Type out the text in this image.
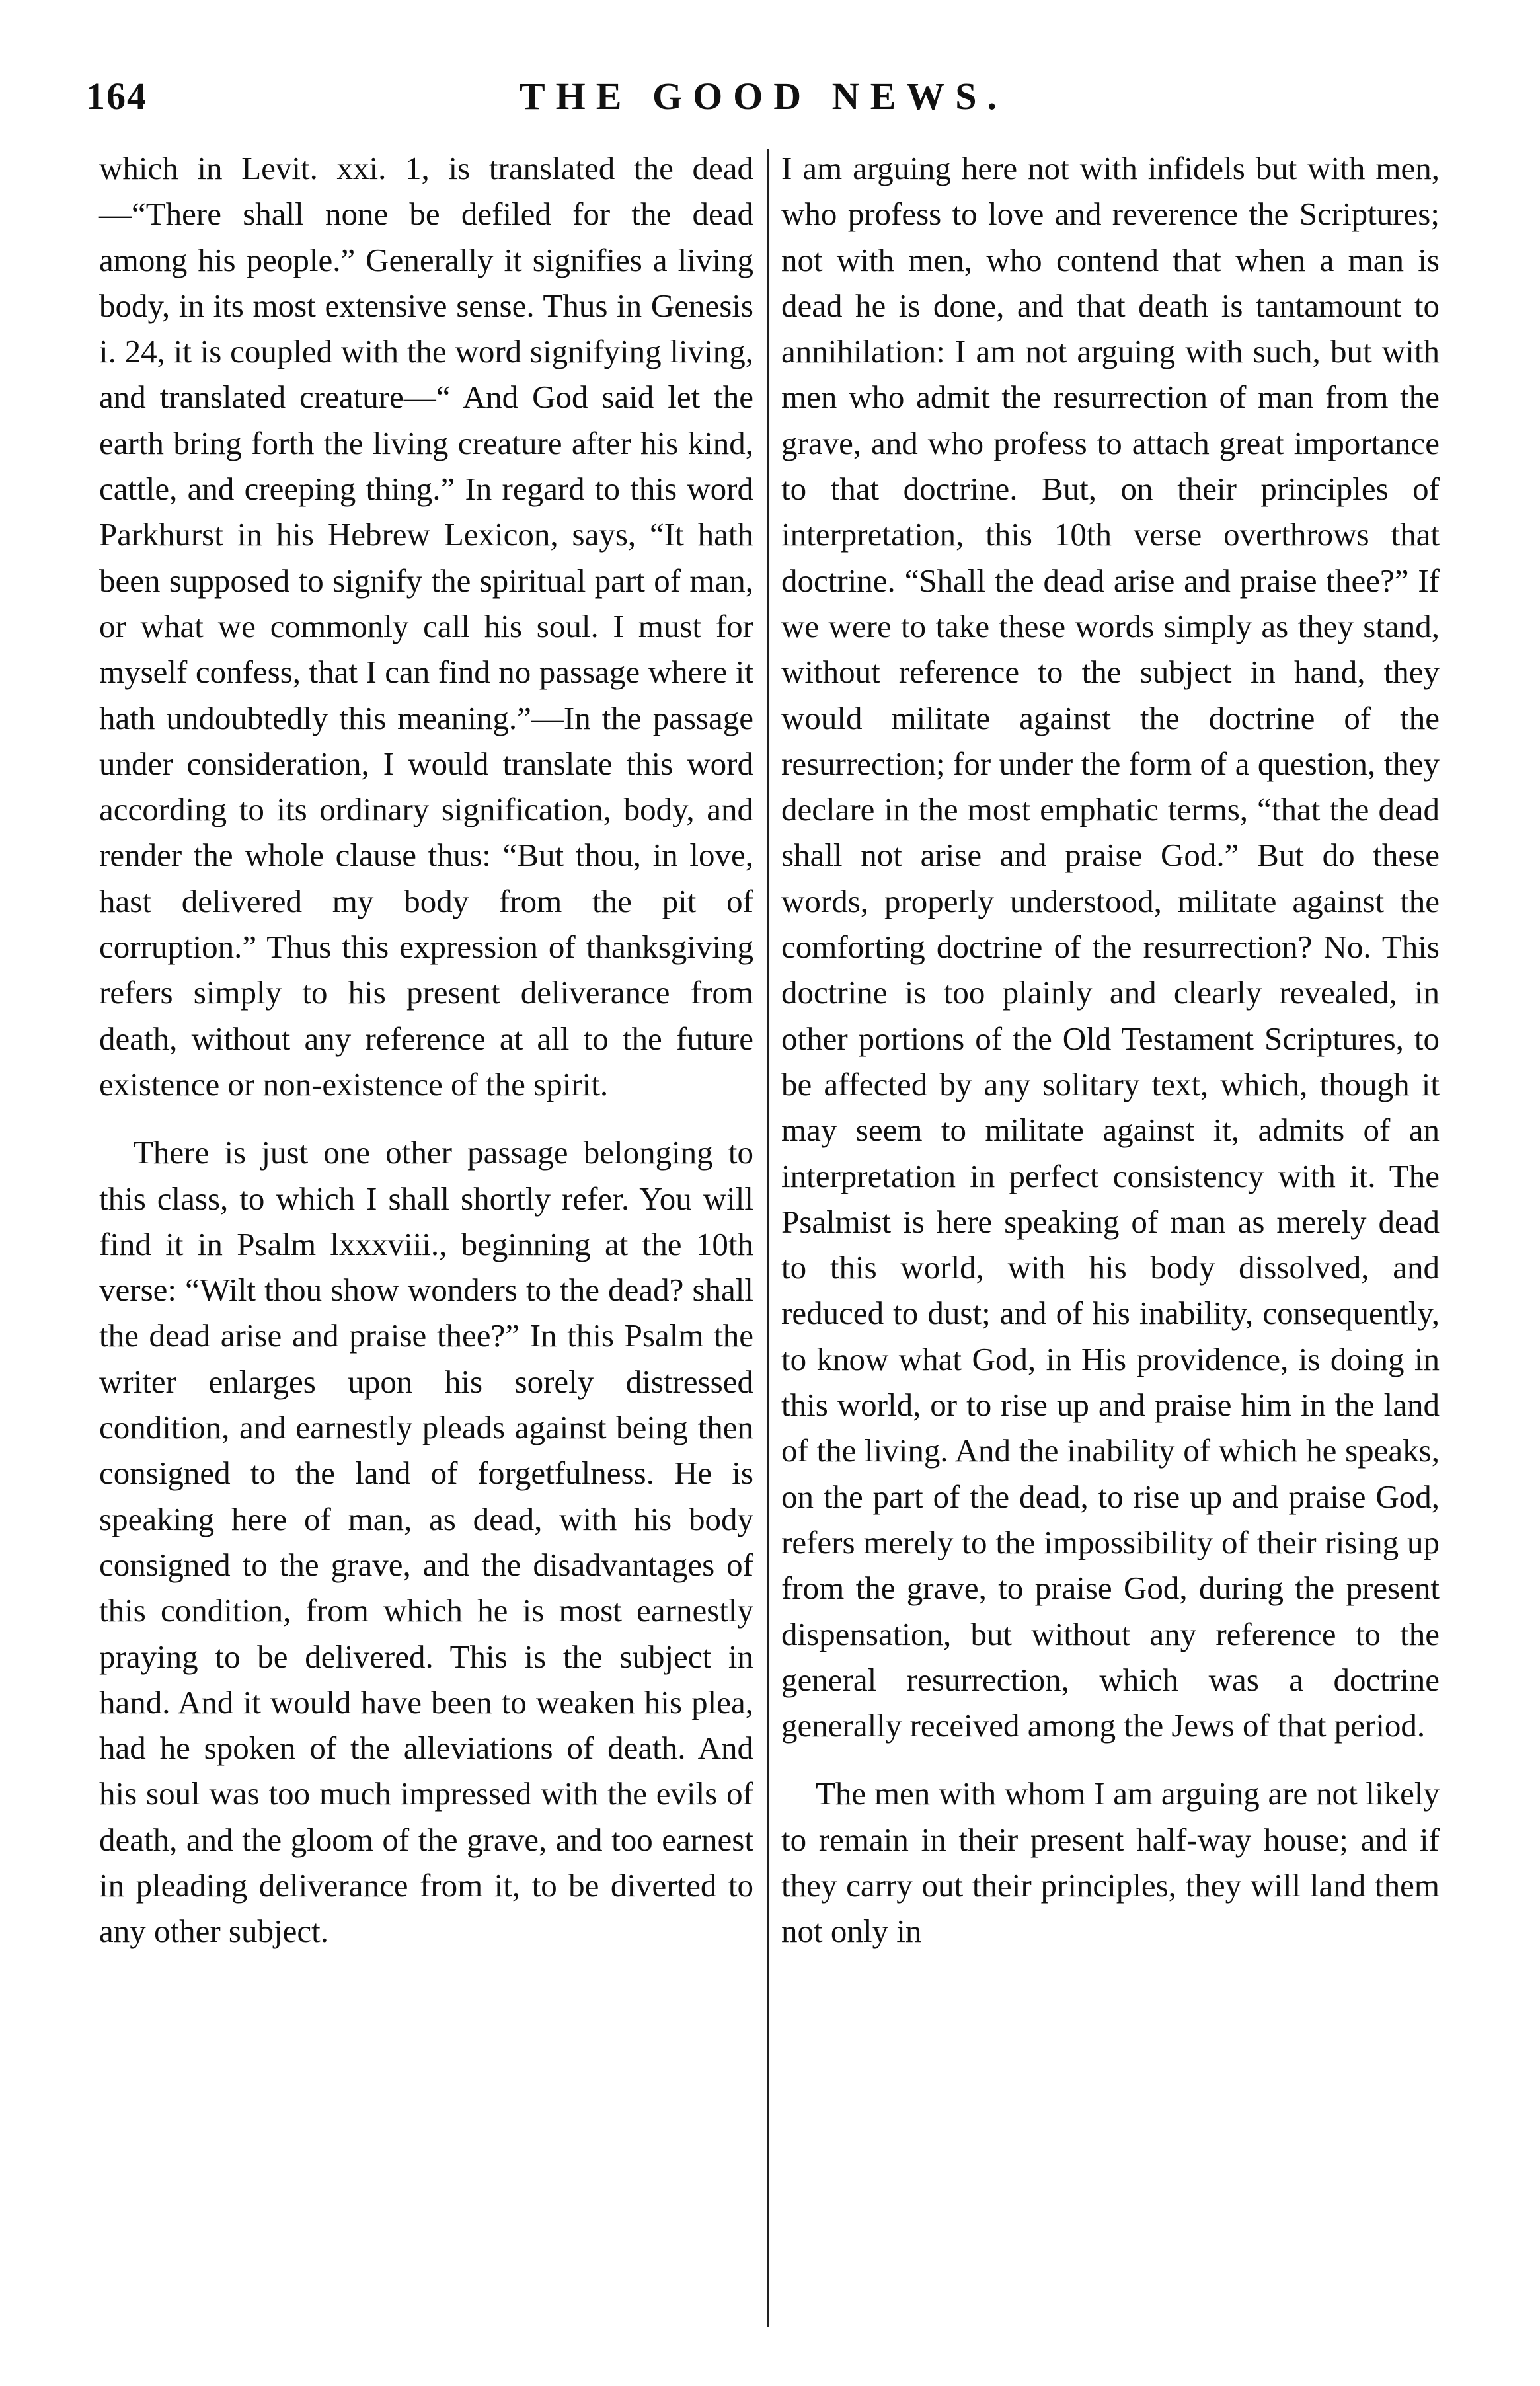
164	THE GOOD NEWS.

which in Levit. xxi. 1, is translated the dead—“There shall none be defiled for the dead among his people.” Generally it signifies a living body, in its most extensive sense. Thus in Genesis i. 24, it is coupled with the word signifying living, and translated creature—“ And God said let the earth bring forth the living creature after his kind, cattle, and creeping thing.” In regard to this word Parkhurst in his Hebrew Lexicon, says, “It hath been supposed to signify the spiritual part of man, or what we commonly call his soul. I must for myself confess, that I can find no passage where it hath undoubtedly this meaning.”—In the passage under consideration, I would translate this word according to its ordinary signification, body, and render the whole clause thus: “But thou, in love, hast delivered my body from the pit of corruption.” Thus this expression of thanksgiving refers simply to his present deliverance from death, without any reference at all to the future existence or non-existence of the spirit.

There is just one other passage belonging to this class, to which I shall shortly refer. You will find it in Psalm lxxxviii., beginning at the 10th verse: “Wilt thou show wonders to the dead? shall the dead arise and praise thee?” In this Psalm the writer enlarges upon his sorely distressed condition, and earnestly pleads against being then consigned to the land of forgetfulness. He is speaking here of man, as dead, with his body consigned to the grave, and the disadvantages of this condition, from which he is most earnestly praying to be delivered. This is the subject in hand. And it would have been to weaken his plea, had he spoken of the alleviations of death. And his soul was too much impressed with the evils of death, and the gloom of the grave, and too earnest in pleading deliverance from it, to be diverted to any other subject.

I am arguing here not with infidels but with men, who profess to love and reverence the Scriptures; not with men, who contend that when a man is dead he is done, and that death is tantamount to annihilation: I am not arguing with such, but with men who admit the resurrection of man from the grave, and who profess to attach great importance to that doctrine. But, on their principles of interpretation, this 10th verse overthrows that doctrine. “Shall the dead arise and praise thee?” If we were to take these words simply as they stand, without reference to the subject in hand, they would militate against the doctrine of the resurrection; for under the form of a question, they declare in the most emphatic terms, “that the dead shall not arise and praise God.” But do these words, properly understood, militate against the comforting doctrine of the resurrection? No. This doctrine is too plainly and clearly revealed, in other portions of the Old Testament Scriptures, to be affected by any solitary text, which, though it may seem to militate against it, admits of an interpretation in perfect consistency with it. The Psalmist is here speaking of man as merely dead to this world, with his body dissolved, and reduced to dust; and of his inability, consequently, to know what God, in His providence, is doing in this world, or to rise up and praise him in the land of the living. And the inability of which he speaks, on the part of the dead, to rise up and praise God, refers merely to the impossibility of their rising up from the grave, to praise God, during the present dispensation, but without any reference to the general resurrection, which was a doctrine generally received among the Jews of that period.

The men with whom I am arguing are not likely to remain in their present half-way house; and if they carry out their principles, they will land them not only in
